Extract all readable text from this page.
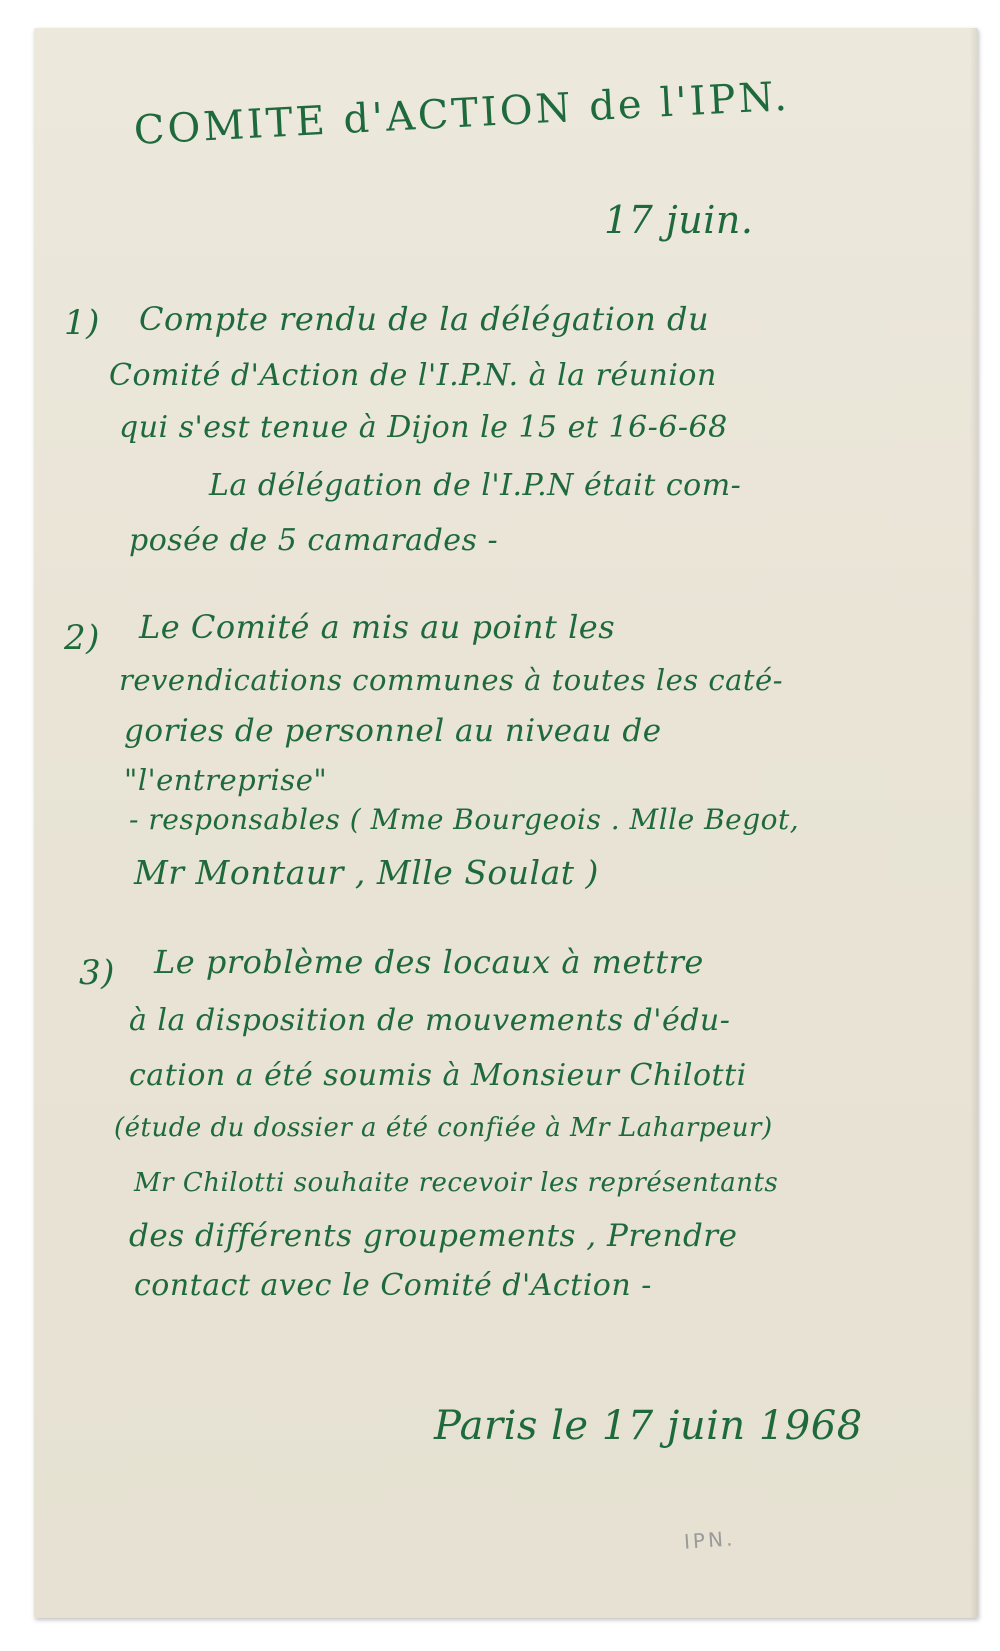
COMITE d'ACTION de l'IPN.
17 juin.
1) Compte rendu de la délégation du
Comité d'Action de l'I.P.N. à la réunion
qui s'est tenue à Dijon le 15 et 16-6-68
La délégation de l'I.P.N était com-
posée de 5 camarades -
2) Le Comité a mis au point les
revendications communes à toutes les caté-
gories de personnel au niveau de
"l'entreprise"
- responsables ( Mme Bourgeois . Mlle Begot,
Mr Montaur , Mlle Soulat )
3) Le problème des locaux à mettre
à la disposition de mouvements d'édu-
cation a été soumis à Monsieur Chilotti
(étude du dossier a été confiée à Mr Laharpeur)
Mr Chilotti souhaite recevoir les représentants
des différents groupements , Prendre
contact avec le Comité d'Action -
Paris le 17 juin 1968
IPN.
